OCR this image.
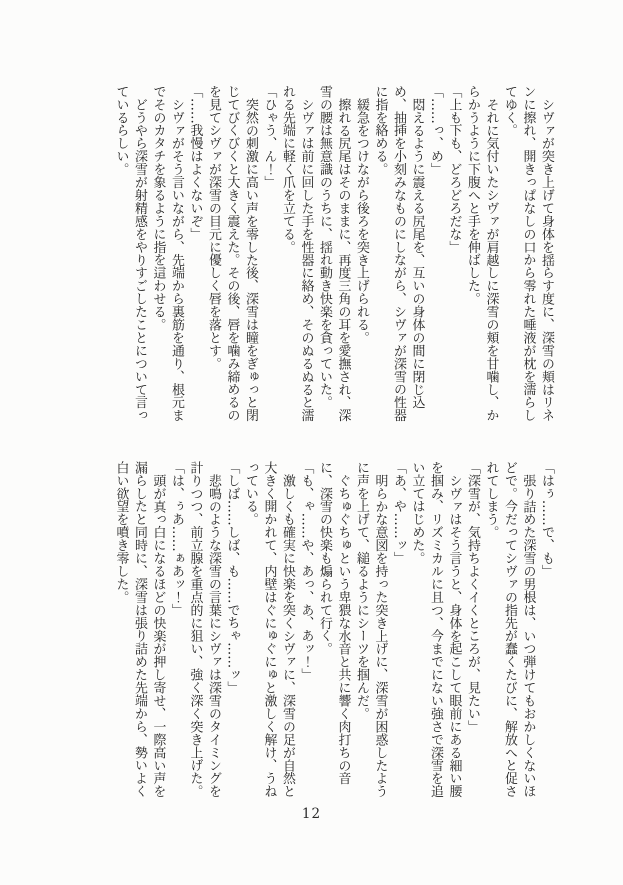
シヴァが突き上げて身体を揺らす度に、深雪の頬はリネンに擦れ、開きっぱなしの口から零れた唾液が枕を濡らしてゆく。

それに気付いたシヴァが肩越しに深雪の頬を甘噛し、からかうように下腹へと手を伸ばした。

「上も下も、どろどろだな」

「……っ、め」

悶えるように震える尻尾を、互いの身体の間に閉じ込め、抽挿を小刻みなものにしながら、シヴァが深雪の性器に指を絡める。

緩急をつけながら後ろを突き上げられる。

擦れる尻尾はそのままに、再度三角の耳を愛撫され、深雪の腰は無意識のうちに、揺れ動き快楽を貪っていた。

シヴァは前に回した手を性器に絡め、そのぬるぬると濡れる先端に軽く爪を立てる。

「ひゃう、ん！」

突然の刺激に高い声を零した後、深雪は瞳をぎゅっと閉じてびくびくと大きく震えた。その後、唇を噛み締めるのを見てシヴァが深雪の目元に優しく唇を落とす。

「……我慢はよくないぞ」

シヴァがそう言いながら、先端から裏筋を通り、根元までそのカタチを象るように指を這わせる。

どうやら深雪が射精感をやりすごしたことについて言っているらしい。

「はぅ……で、も」

張り詰めた深雪の男根は、いつ弾けてもおかしくないほどで。今だってシヴァの指先が蠢くたびに、解放へと促されてしまう。

「深雪が、気持ちよくイくところが、見たい」

シヴァはそう言うと、身体を起こして眼前にある細い腰を掴み、リズミカルに且つ、今までにない強さで深雪を追い立てはじめた。

「あ、や……ッ」

明らかな意図を持った突き上げに、深雪が困惑したように声を上げて、縋るようにシーツを掴んだ。

ぐちゅぐちゅという卑猥な水音と共に響く肉打ちの音に、深雪の快楽も煽られて行く。

「も、ゃ……や、あっ、あ、あッ！」

激しくも確実に快楽を突くシヴァに、深雪の足が自然と大きく開かれて、内壁はぐにゅぐにゅと激しく解け、うねっている。

「しば……しば、も……でちゃ……ッ」

悲鳴のような深雪の言葉にシヴァは深雪のタイミングを計りつつ、前立腺を重点的に狙い、強く深く突き上げた。

「は、ぅあ……ぁあッ！」

頭が真っ白になるほどの快楽が押し寄せ、一際高い声を漏らしたと同時に、深雪は張り詰めた先端から、勢いよく白い欲望を噴き零した。

12
